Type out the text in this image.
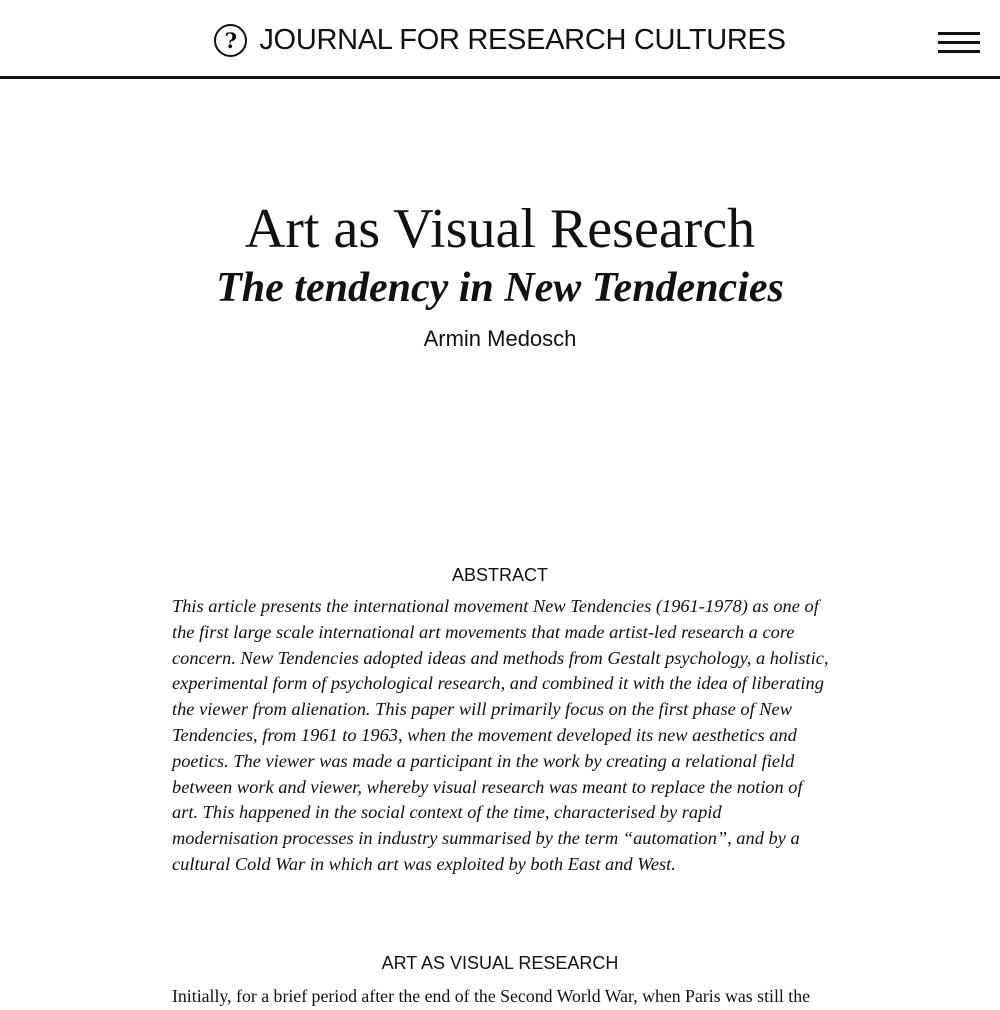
? JOURNAL FOR RESEARCH CULTURES
Art as Visual Research
The tendency in New Tendencies
Armin Medosch
ABSTRACT

This article presents the international movement New Tendencies (1961-1978) as one of the first large scale international art movements that made artist-led research a core concern. New Tendencies adopted ideas and methods from Gestalt psychology, a holistic, experimental form of psychological research, and combined it with the idea of liberating the viewer from alienation. This paper will primarily focus on the first phase of New Tendencies, from 1961 to 1963, when the movement developed its new aesthetics and poetics. The viewer was made a participant in the work by creating a relational field between work and viewer, whereby visual research was meant to replace the notion of art. This happened in the social context of the time, characterised by rapid modernisation processes in industry summarised by the term “automation”, and by a cultural Cold War in which art was exploited by both East and West.

ART AS VISUAL RESEARCH

Initially, for a brief period after the end of the Second World War, when Paris was still the
